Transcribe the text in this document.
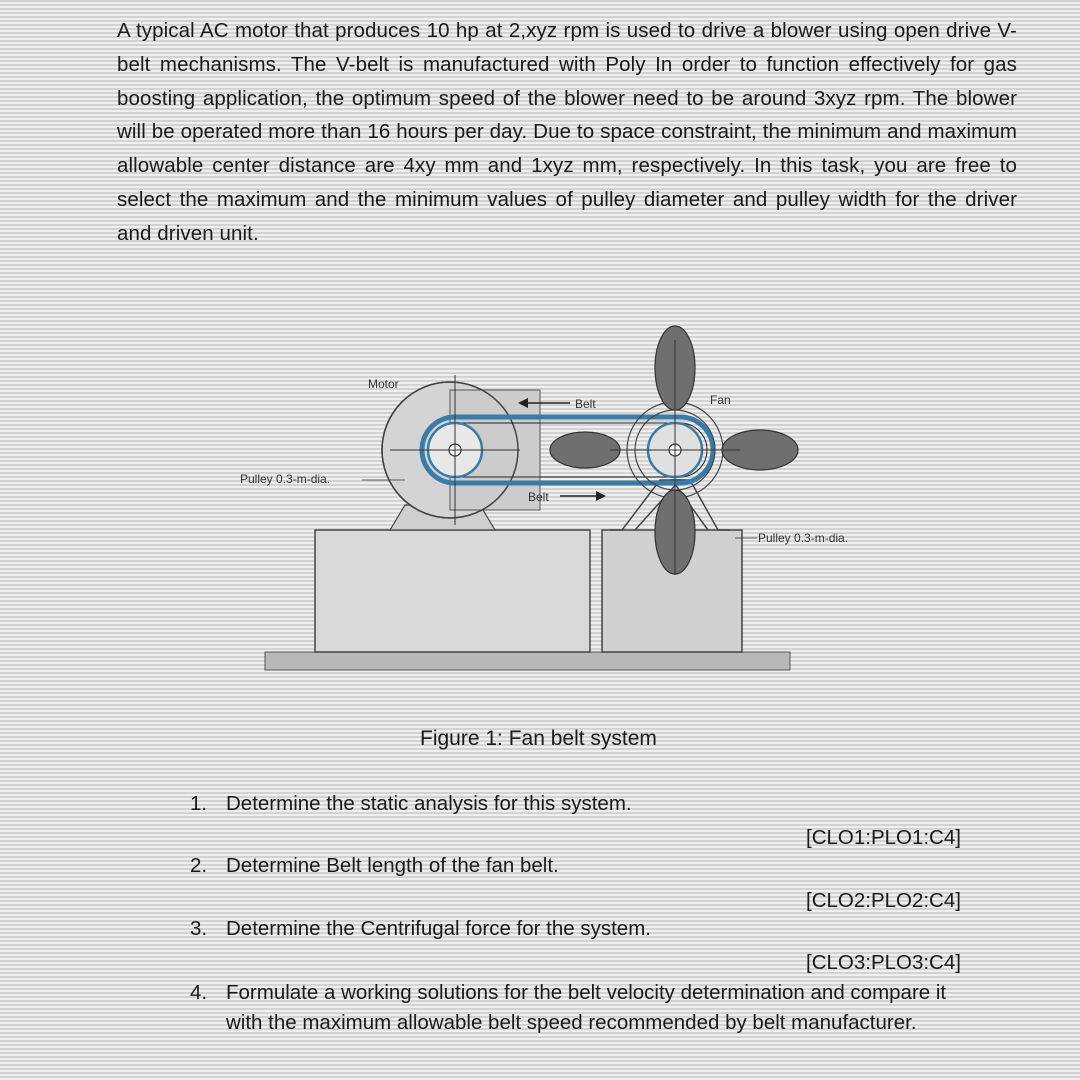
A typical AC motor that produces 10 hp at 2,xyz rpm is used to drive a blower using open drive V-belt mechanisms. The V-belt is manufactured with Poly In order to function effectively for gas boosting application, the optimum speed of the blower need to be around 3xyz rpm. The blower will be operated more than 16 hours per day. Due to space constraint, the minimum and maximum allowable center distance are 4xy mm and 1xyz mm, respectively. In this task, you are free to select the maximum and the minimum values of pulley diameter and pulley width for the driver and driven unit.

Motor
Belt	Fan
Pulley 0.3-m-dia.
Belt
Pulley 0.3-m-dia.

Figure 1: Fan belt system

1. Determine the static analysis for this system.

[CLO1:PLO1:C4]

2. Determine Belt length of the fan belt.

[CLO2:PLO2:C4]

3. Determine the Centrifugal force for the system.

[CLO3:PLO3:C4]

4. Formulate a working solutions for the belt velocity determination and compare it with the maximum allowable belt speed recommended by belt manufacturer.
